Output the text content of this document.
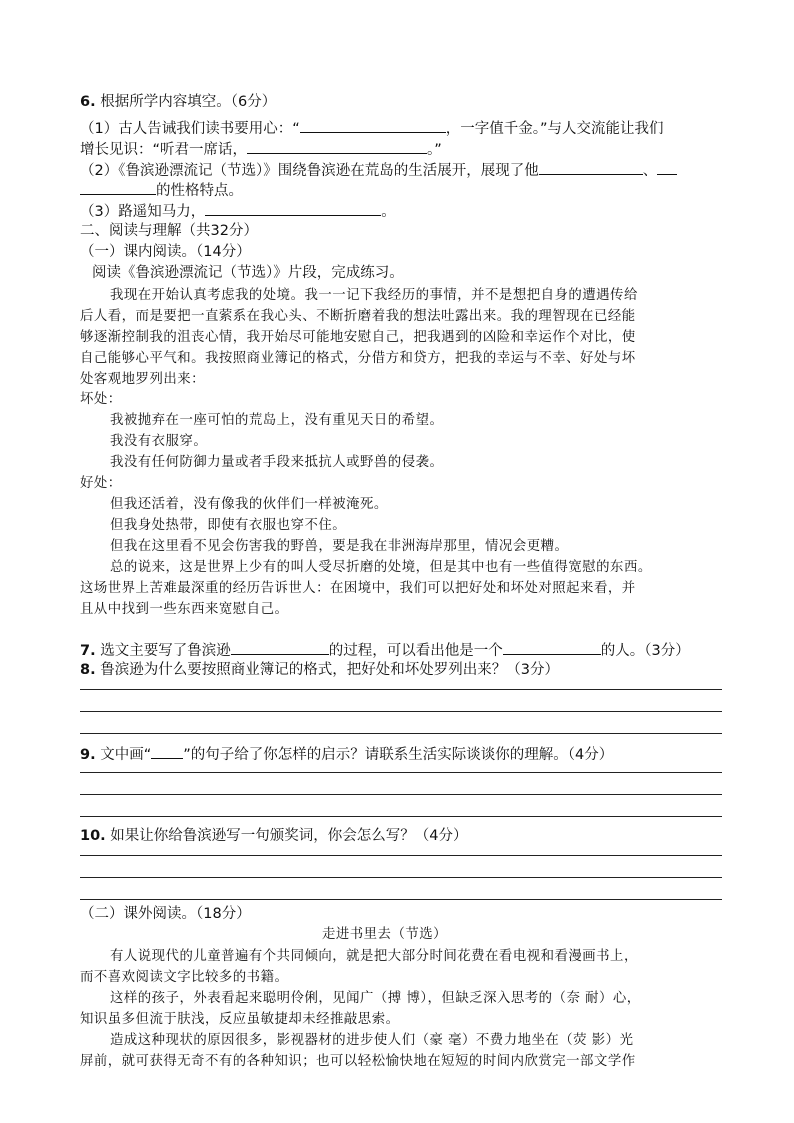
6. 根据所学内容填空。（6分）
（1）古人告诫我们读书要用心：“	，一字值千金。”与人交流能让我们
增长见识：“听君一席话，	。”
（2）《鲁滨逊漂流记（节选）》围绕鲁滨逊在荒岛的生活展开，展现了他	、
的性格特点。
（3）路遥知马力，	。
二、阅读与理解（共32分）
（一）课内阅读。（14分）
阅读《鲁滨逊漂流记（节选）》片段，完成练习。
我现在开始认真考虑我的处境。我一一记下我经历的事情，并不是想把自身的遭遇传给
后人看，而是要把一直萦系在我心头、不断折磨着我的想法吐露出来。我的理智现在已经能
够逐渐控制我的沮丧心情，我开始尽可能地安慰自己，把我遇到的凶险和幸运作个对比，使
自己能够心平气和。我按照商业簿记的格式，分借方和贷方，把我的幸运与不幸、好处与坏
处客观地罗列出来：
坏处：
我被抛弃在一座可怕的荒岛上，没有重见天日的希望。
我没有衣服穿。
我没有任何防御力量或者手段来抵抗人或野兽的侵袭。
好处：
但我还活着，没有像我的伙伴们一样被淹死。
但我身处热带，即使有衣服也穿不住。
但我在这里看不见会伤害我的野兽，要是我在非洲海岸那里，情况会更糟。
总的说来，这是世界上少有的叫人受尽折磨的处境，但是其中也有一些值得宽慰的东西。
这场世界上苦难最深重的经历告诉世人：在困境中，我们可以把好处和坏处对照起来看，并
且从中找到一些东西来宽慰自己。
7. 选文主要写了鲁滨逊	的过程，可以看出他是一个	的人。（3分）
8. 鲁滨逊为什么要按照商业簿记的格式，把好处和坏处罗列出来？（3分）
9. 文中画“ ”的句子给了你怎样的启示？请联系生活实际谈谈你的理解。（4分）
10. 如果让你给鲁滨逊写一句颁奖词，你会怎么写？（4分）
（二）课外阅读。（18分）
走进书里去（节选）
有人说现代的儿童普遍有个共同倾向，就是把大部分时间花费在看电视和看漫画书上，
而不喜欢阅读文字比较多的书籍。
这样的孩子，外表看起来聪明伶俐，见闻广（搏 博），但缺乏深入思考的（奈 耐）心，
知识虽多但流于肤浅，反应虽敏捷却未经推敲思索。
造成这种现状的原因很多，影视器材的进步使人们（豪 毫）不费力地坐在（荧 影）光
屏前，就可获得无奇不有的各种知识；也可以轻松愉快地在短短的时间内欣赏完一部文学作
